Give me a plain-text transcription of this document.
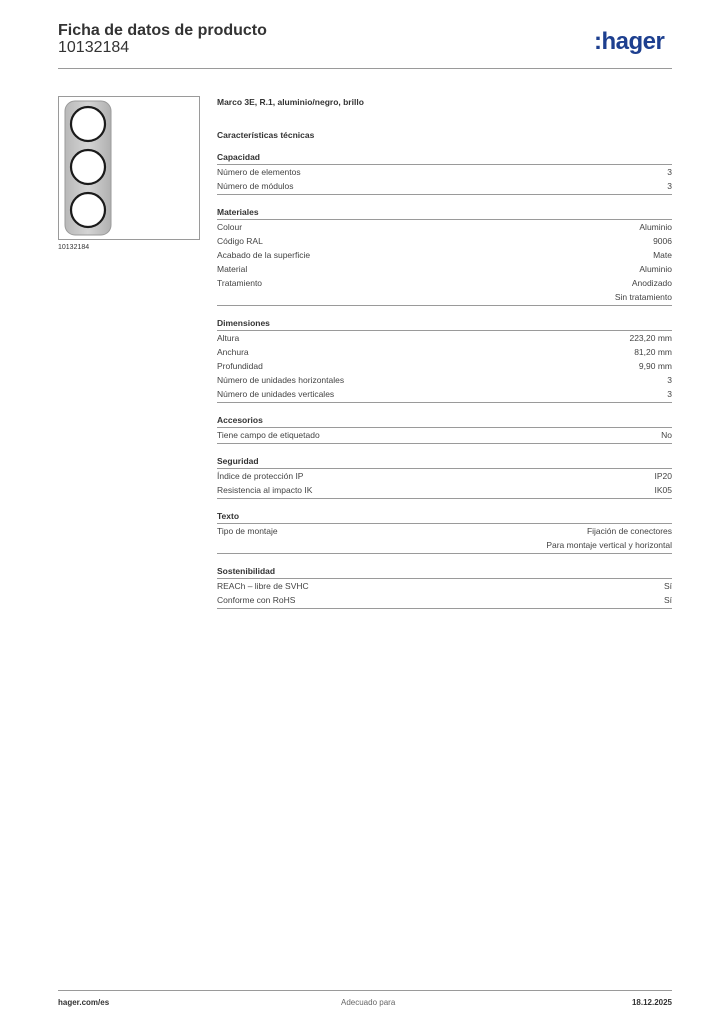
Ficha de datos de producto
10132184	:hager
10132184
Marco 3E, R.1, aluminio/negro, brillo
Características técnicas
Capacidad
Número de elementos	3
Número de módulos	3
Materiales
Colour	Aluminio
Código RAL	9006
Acabado de la superficie	Mate
Material	Aluminio
Tratamiento	Anodizado
Sin tratamiento
Dimensiones
Altura	223,20 mm
Anchura	81,20 mm
Profundidad	9,90 mm
Número de unidades horizontales	3
Número de unidades verticales	3
Accesorios
Tiene campo de etiquetado	No
Seguridad
Índice de protección IP	IP20
Resistencia al impacto IK	IK05
Texto
Tipo de montaje	Fijación de conectores
Para montaje vertical y horizontal
Sostenibilidad
REACh – libre de SVHC	Sí
Conforme con RoHS	Sí
hager.com/es	Adecuado para	18.12.2025
